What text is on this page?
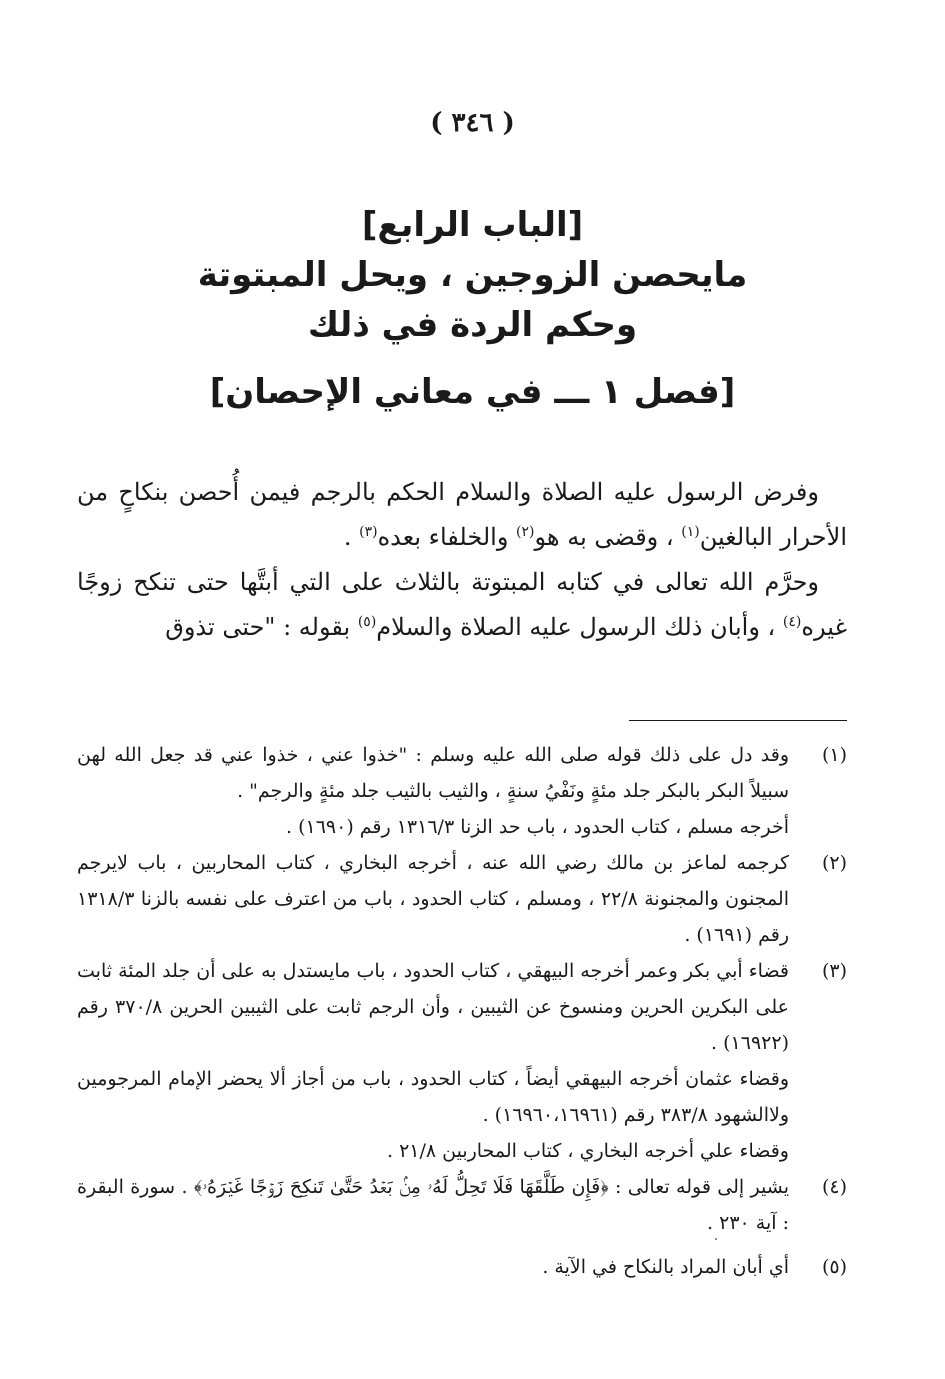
( ٣٤٦ )
[الباب الرابع]
مايحصن الزوجين ، ويحل المبتوتة
وحكم الردة في ذلك
[فصل ١ ـــ في معاني الإحصان]

وفرض الرسول عليه الصلاة والسلام الحكم بالرجم فيمن أُحصن بنكاحٍ من الأحرار البالغين$^{(١)}$ ، وقضى به هو$^{(٢)}$ والخلفاء بعده$^{(٣)}$ .

وحرَّم الله تعالى في كتابه المبتوتة بالثلاث على التي أبتَّها حتى تنكح زوجًا غيره$^{(٤)}$ ، وأبان ذلك الرسول عليه الصلاة والسلام$^{(٥)}$ بقوله : "حتى تذوق

(١)
وقد دل على ذلك قوله صلى الله عليه وسلم : "خذوا عني ، خذوا عني قد جعل الله لهن سبيلاً البكر بالبكر جلد مئةٍ ونَفْيُ سنةٍ ، والثيب بالثيب جلد مئةٍ والرجم" .
أخرجه مسلم ، كتاب الحدود ، باب حد الزنا ١٣١٦/٣ رقم (١٦٩٠) .
(٢)
كرجمه لماعز بن مالك رضي الله عنه ، أخرجه البخاري ، كتاب المحاربين ، باب لايرجم المجنون والمجنونة ٢٢/٨ ، ومسلم ، كتاب الحدود ، باب من اعترف على نفسه بالزنا ١٣١٨/٣ رقم (١٦٩١) .
(٣)
قضاء أبي بكر وعمر أخرجه البيهقي ، كتاب الحدود ، باب مايستدل به على أن جلد المئة ثابت على البكرين الحرين ومنسوخ عن الثيبين ، وأن الرجم ثابت على الثيبين الحرين ٣٧٠/٨ رقم (١٦٩٢٢) .
وقضاء عثمان أخرجه البيهقي أيضاً ، كتاب الحدود ، باب من أجاز ألا يحضر الإمام المرجومين ولاالشهود ٣٨٣/٨ رقم (١٦٩٦٠،١٦٩٦١) .
وقضاء علي أخرجه البخاري ، كتاب المحاربين ٢١/٨ .
(٤)
يشير إلى قوله تعالى : ﴿فَإِن طَلَّقَهَا فَلَا تَحِلُّ لَهُۥ مِنۢ بَعۡدُ حَتَّىٰ تَنكِحَ زَوۡجًا غَيۡرَهُۥ﴾ . سورة البقرة : آية ٢٣٠ .
(٥)
أي أبان المراد بالنكاح في الآية .
